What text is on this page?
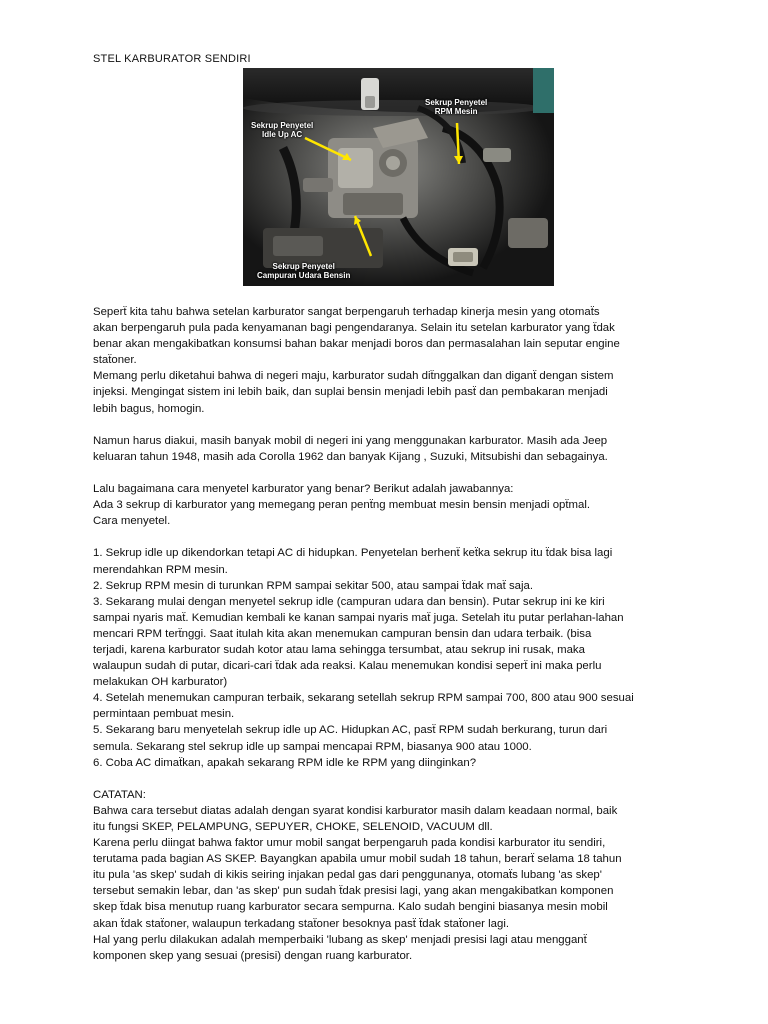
STEL KARBURATOR SENDIRI
Sekrup Penyetel
Idle Up AC
Sekrup Penyetel
RPM Mesin
Sekrup Penyetel
Campuran Udara Bensin

Seperẗ kita tahu bahwa setelan karburator sangat berpengaruh terhadap kinerja mesin yang otomaẗs
akan berpengaruh pula pada kenyamanan bagi pengendaranya. Selain itu setelan karburator yang ẗdak
benar akan mengakibatkan konsumsi bahan bakar menjadi boros dan permasalahan lain seputar engine
staẗoner.
Memang perlu diketahui bahwa di negeri maju, karburator sudah diẗnggalkan dan diganẗ dengan sistem
injeksi. Mengingat sistem ini lebih baik, dan suplai bensin menjadi lebih pasẗ dan pembakaran menjadi
lebih bagus, homogin.

Namun harus diakui, masih banyak mobil di negeri ini yang menggunakan karburator. Masih ada Jeep
keluaran tahun 1948, masih ada Corolla 1962 dan banyak Kijang , Suzuki, Mitsubishi dan sebagainya.

Lalu bagaimana cara menyetel karburator yang benar? Berikut adalah jawabannya:
Ada 3 sekrup di karburator yang memegang peran penẗng membuat mesin bensin menjadi opẗmal.
Cara menyetel.

1. Sekrup idle up dikendorkan tetapi AC di hidupkan. Penyetelan berhenẗ keẗka sekrup itu ẗdak bisa lagi
merendahkan RPM mesin.
2. Sekrup RPM mesin di turunkan RPM sampai sekitar 500, atau sampai ẗdak maẗ saja.
3. Sekarang mulai dengan menyetel sekrup idle (campuran udara dan bensin). Putar sekrup ini ke kiri
sampai nyaris maẗ. Kemudian kembali ke kanan sampai nyaris maẗ juga. Setelah itu putar perlahan-lahan
mencari RPM terẗnggi. Saat itulah kita akan menemukan campuran bensin dan udara terbaik. (bisa
terjadi, karena karburator sudah kotor atau lama sehingga tersumbat, atau sekrup ini rusak, maka
walaupun sudah di putar, dicari-cari ẗdak ada reaksi. Kalau menemukan kondisi seperẗ ini maka perlu
melakukan OH karburator)
4. Setelah menemukan campuran terbaik, sekarang setellah sekrup RPM sampai 700, 800 atau 900 sesuai
permintaan pembuat mesin.
5. Sekarang baru menyetelah sekrup idle up AC. Hidupkan AC, pasẗ RPM sudah berkurang, turun dari
semula. Sekarang stel sekrup idle up sampai mencapai RPM, biasanya 900 atau 1000.
6. Coba AC dimaẗkan, apakah sekarang RPM idle ke RPM yang diinginkan?

CATATAN:
Bahwa cara tersebut diatas adalah dengan syarat kondisi karburator masih dalam keadaan normal, baik
itu fungsi SKEP, PELAMPUNG, SEPUYER, CHOKE, SELENOID, VACUUM dll.
Karena perlu diingat bahwa faktor umur mobil sangat berpengaruh pada kondisi karburator itu sendiri,
terutama pada bagian AS SKEP. Bayangkan apabila umur mobil sudah 18 tahun, berarẗ selama 18 tahun
itu pula 'as skep' sudah di kikis seiring injakan pedal gas dari penggunanya, otomaẗs lubang 'as skep'
tersebut semakin lebar, dan 'as skep' pun sudah ẗdak presisi lagi, yang akan mengakibatkan komponen
skep ẗdak bisa menutup ruang karburator secara sempurna. Kalo sudah bengini biasanya mesin mobil
akan ẗdak staẗoner, walaupun terkadang staẗoner besoknya pasẗ ẗdak staẗoner lagi.
Hal yang perlu dilakukan adalah memperbaiki 'lubang as skep' menjadi presisi lagi atau mengganẗ
komponen skep yang sesuai (presisi) dengan ruang karburator.
